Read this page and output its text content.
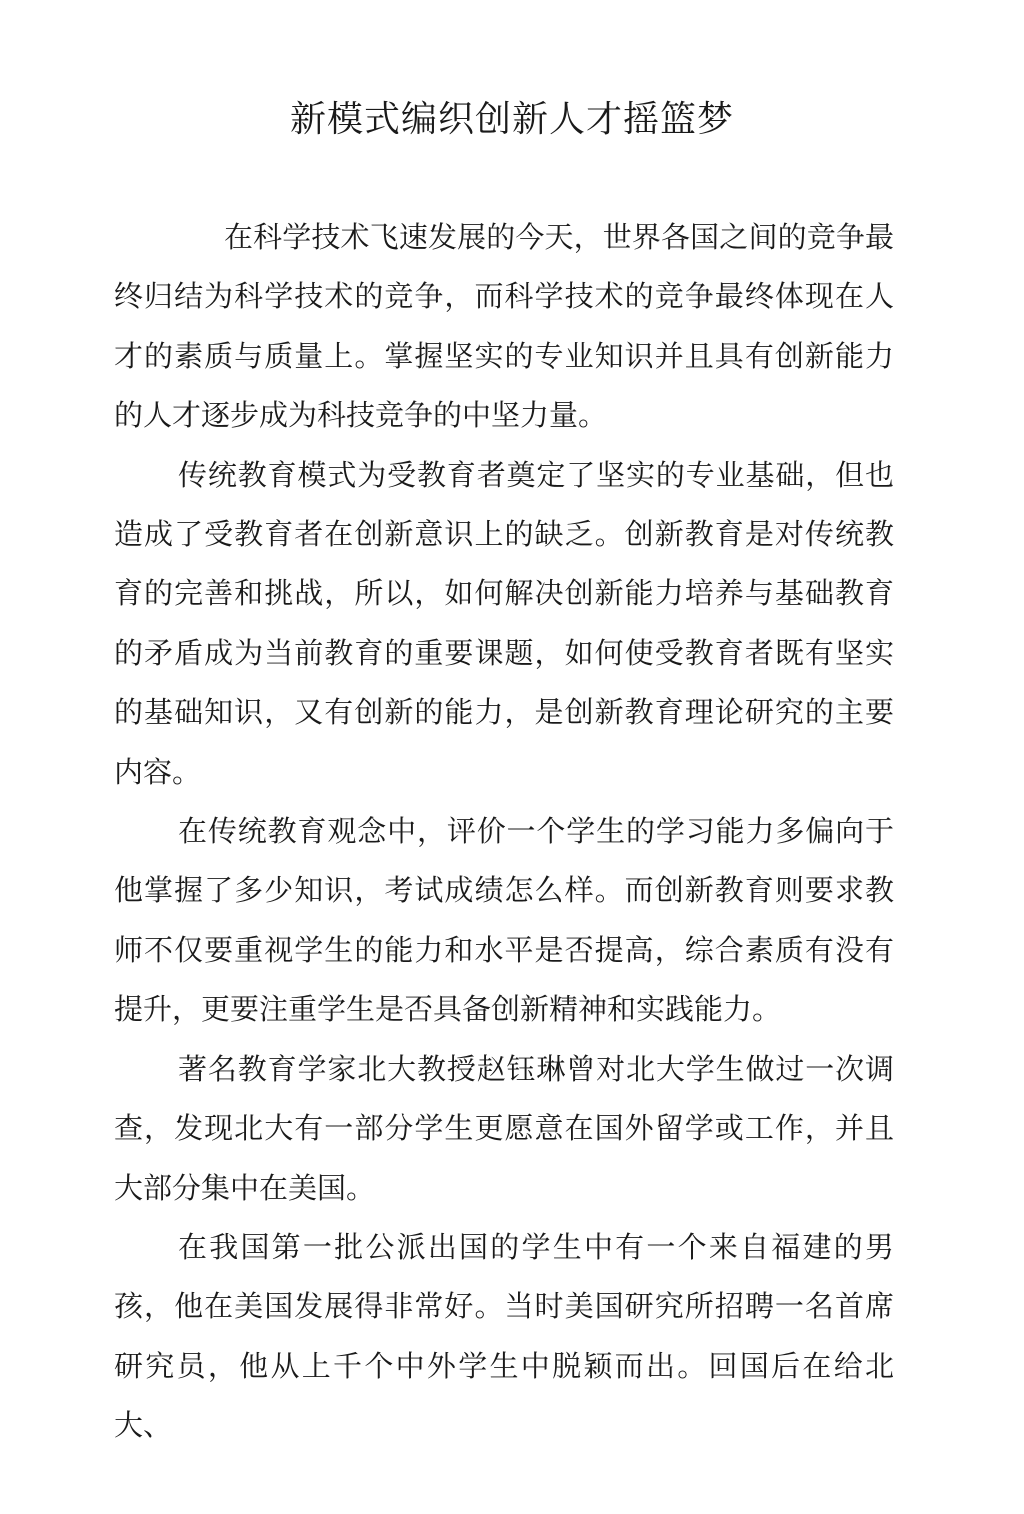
新模式编织创新人才摇篮梦

在科学技术飞速发展的今天，世界各国之间的竞争最终归结为科学技术的竞争，而科学技术的竞争最终体现在人才的素质与质量上。掌握坚实的专业知识并且具有创新能力的人才逐步成为科技竞争的中坚力量。

传统教育模式为受教育者奠定了坚实的专业基础，但也造成了受教育者在创新意识上的缺乏。创新教育是对传统教育的完善和挑战，所以，如何解决创新能力培养与基础教育的矛盾成为当前教育的重要课题，如何使受教育者既有坚实的基础知识，又有创新的能力，是创新教育理论研究的主要内容。

在传统教育观念中，评价一个学生的学习能力多偏向于他掌握了多少知识，考试成绩怎么样。而创新教育则要求教师不仅要重视学生的能力和水平是否提高，综合素质有没有提升，更要注重学生是否具备创新精神和实践能力。

著名教育学家北大教授赵钰琳曾对北大学生做过一次调查，发现北大有一部分学生更愿意在国外留学或工作，并且大部分集中在美国。

在我国第一批公派出国的学生中有一个来自福建的男孩，他在美国发展得非常好。当时美国研究所招聘一名首席研究员，他从上千个中外学生中脱颖而出。回国后在给北大、
